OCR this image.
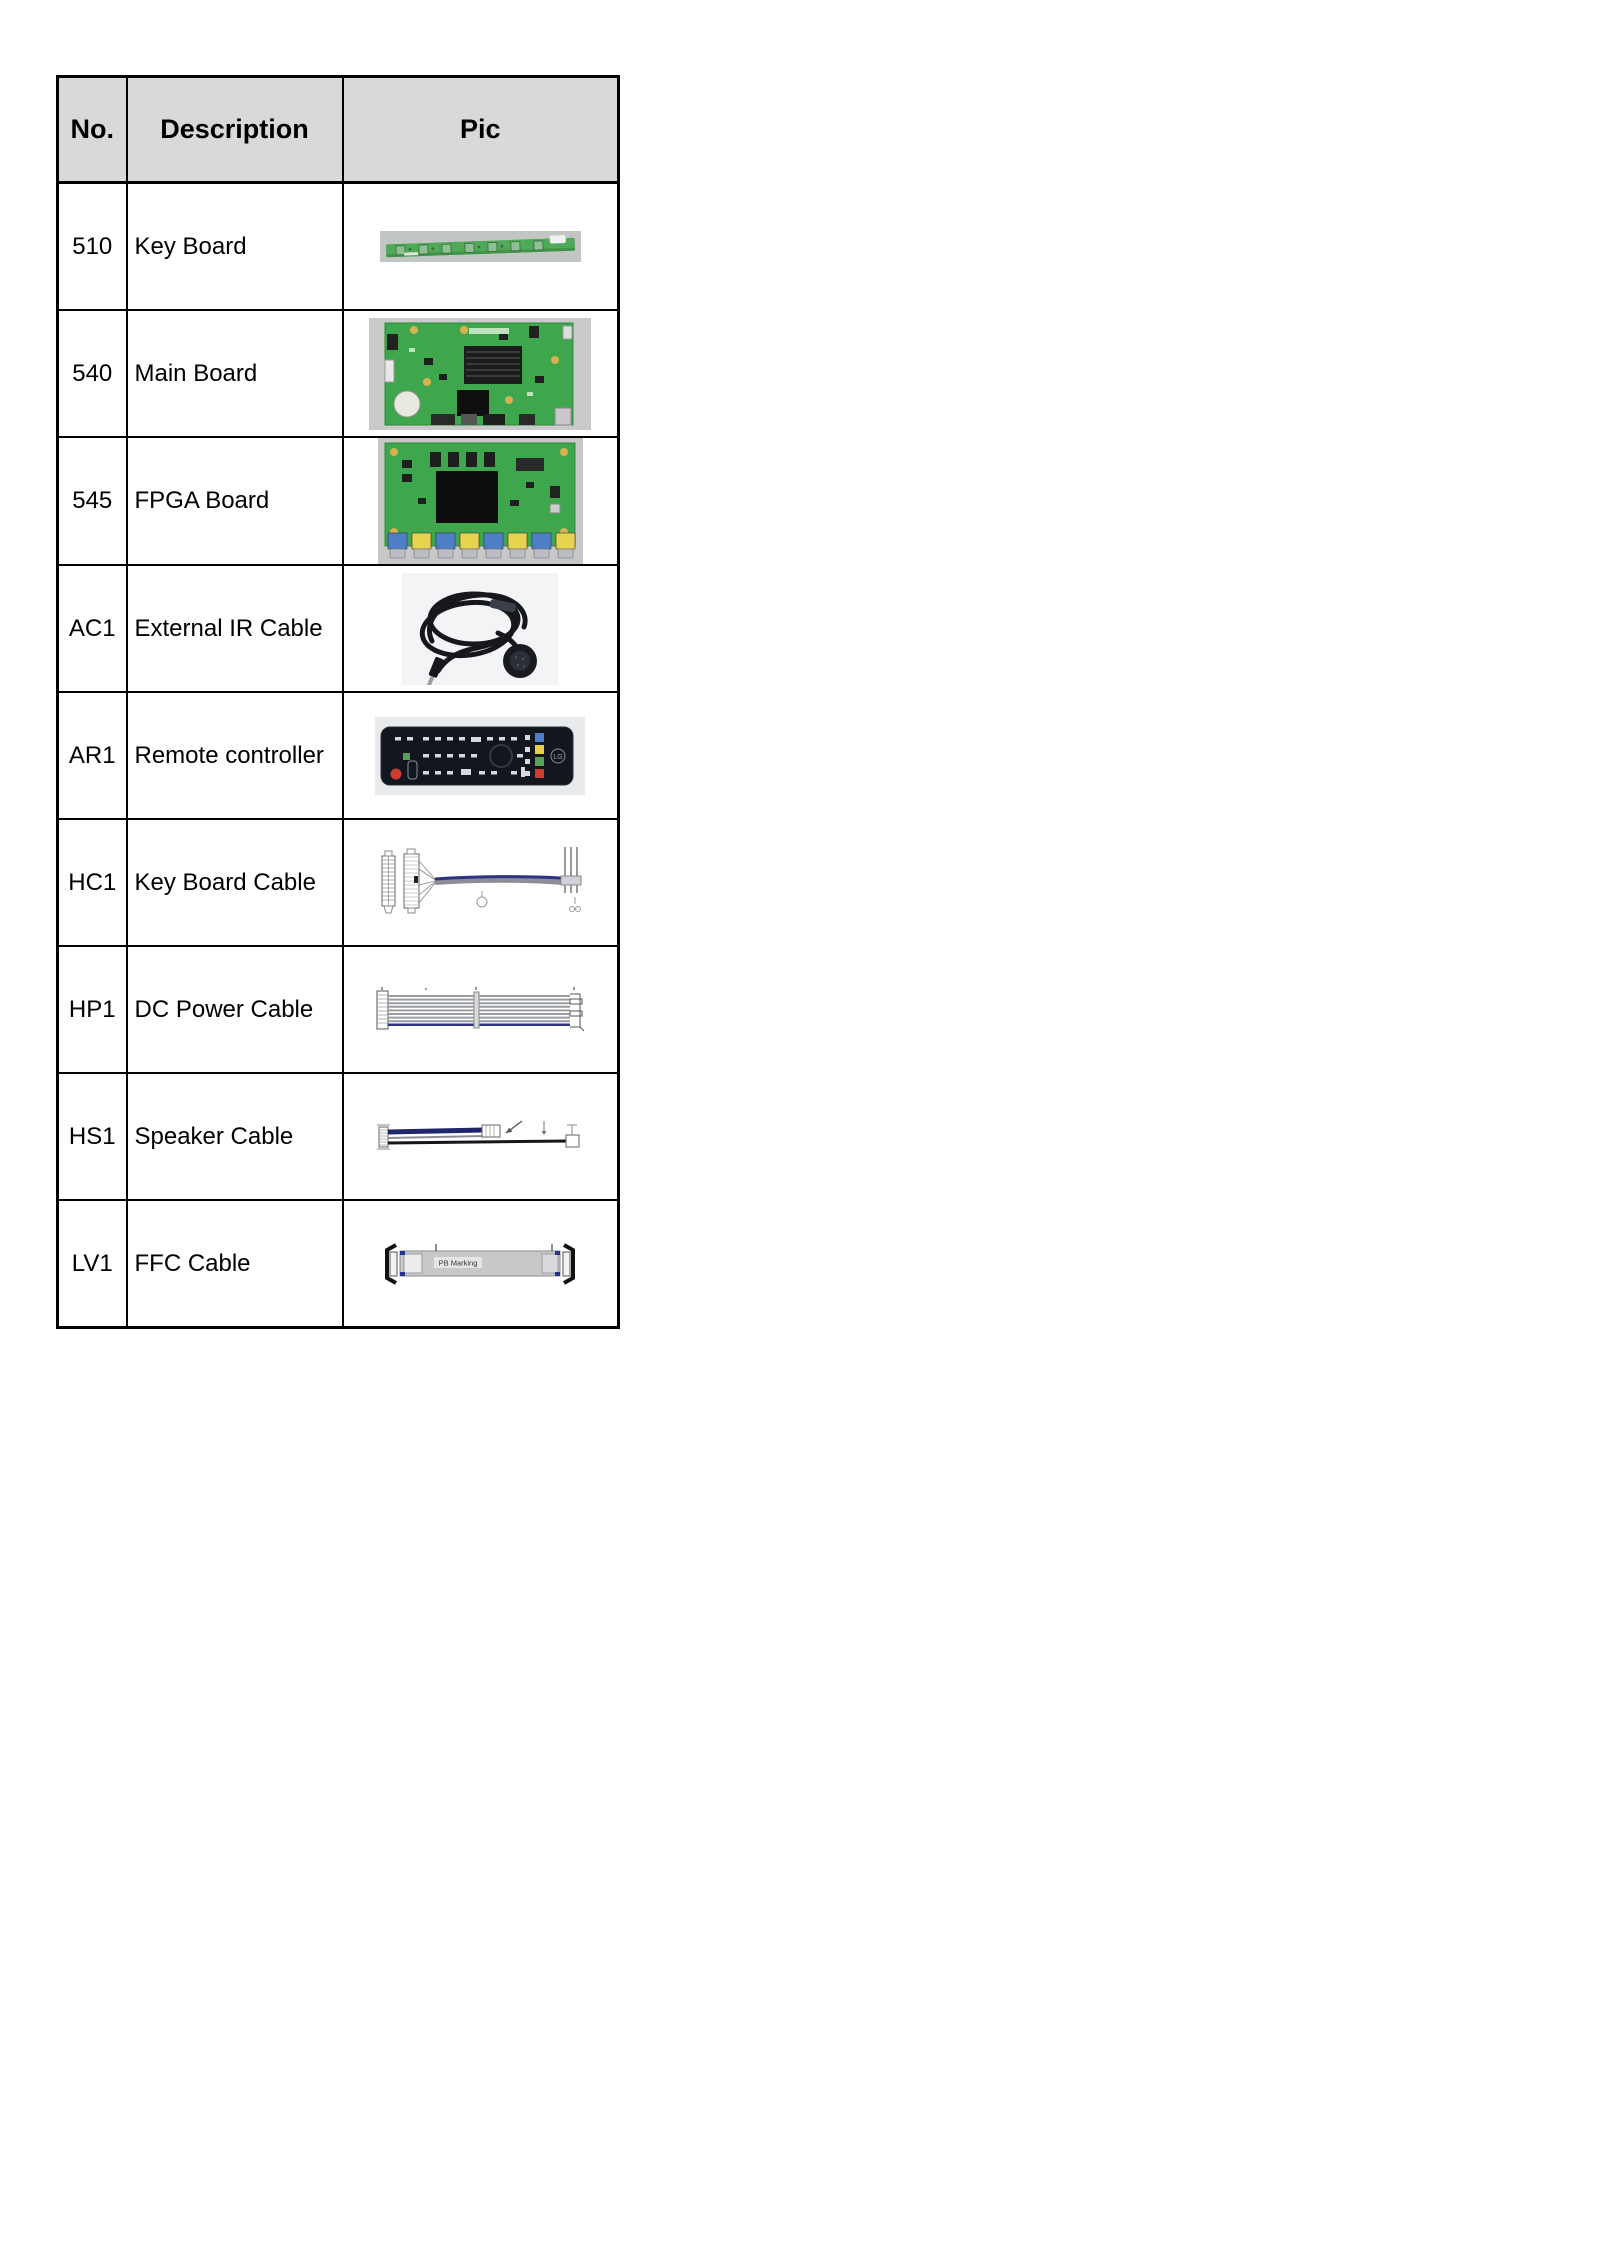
No.	Description	Pic
510	Key Board	

540	Main Board	

545	FPGA Board	

AC1	External IR Cable	

AR1	Remote controller	LG

HC1	Key Board Cable	

HP1	DC Power Cable	

HS1	Speaker Cable	

LV1	FFC Cable	PB Marking
